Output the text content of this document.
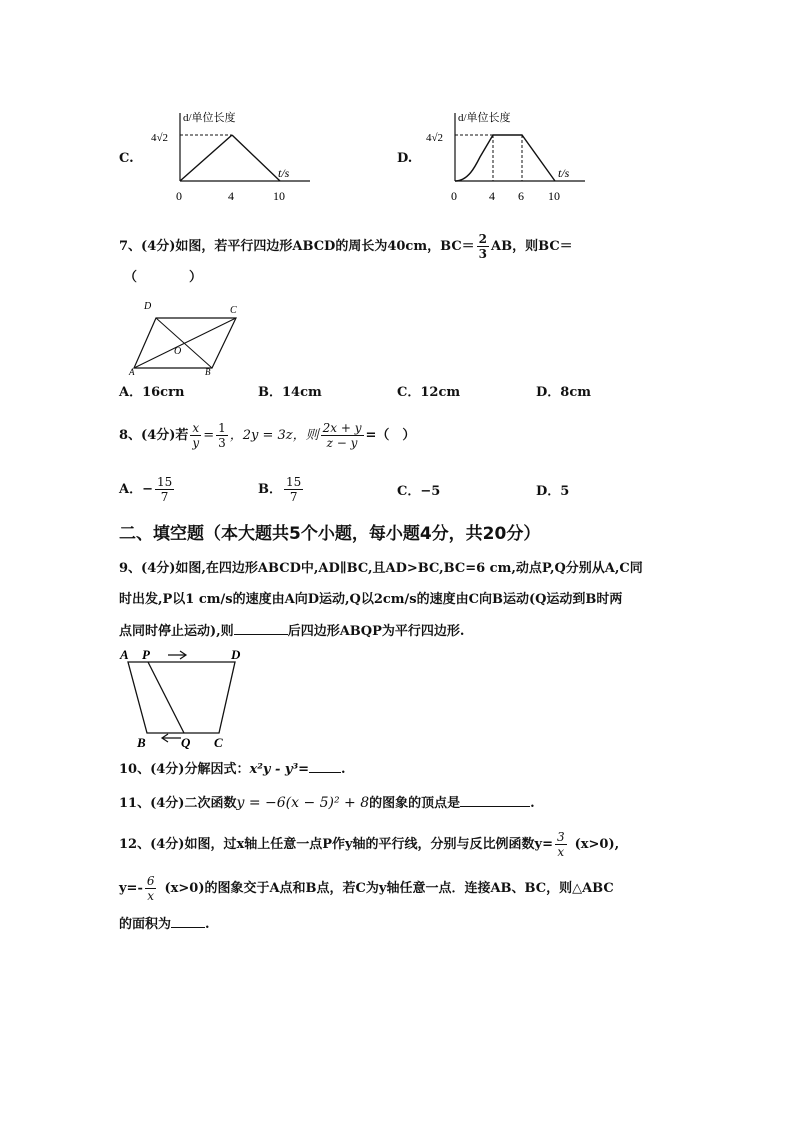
C.
d/单位长度
4√2
t/s
0	4	10
D.
d/单位长度
4√2
t/s
0	4 6 10
7、(4分)如图，若平行四边形ABCD的周长为40cm，$BC= \frac{2}{3}$ AB，则BC＝
（　　　　）
D	C
A	B
O
A．16crn	B．14cm	C．12cm	D．8cm
8、(4分)若 $\frac{x}{y} = \frac{1}{3}$ ，2y = 3z，则 $\frac{2x + y}{z - y}$ =（　）
A．− $\frac{15}{7}$	B． $\frac{15}{7}$	C．−5	D．5
二、填空题（本大题共5个小题，每小题4分，共20分）
9、(4分)如图,在四边形ABCD中,AD∥BC,且AD>BC,BC=6 cm,动点P,Q分别从A,C同
时出发,P以1 cm/s的速度由A向D运动,Q以2cm/s的速度由C向B运动(Q运动到B时两
点同时停止运动),则	后四边形ABQP为平行四边形.
A P	D
B	Q C
10、(4分)分解因式：x²y - y³= .
11、(4分)二次函数y = −6(x − 5)² + 8的图象的顶点是	.
12、(4分)如图，过x轴上任意一点P作y轴的平行线，分别与反比例函数$y= \frac{3}{x} (x>0)$,
$y=- \frac{6}{x} (x>0)$的图象交于A点和B点，若C为y轴任意一点．连接AB、BC，则△ABC
的面积为	.
